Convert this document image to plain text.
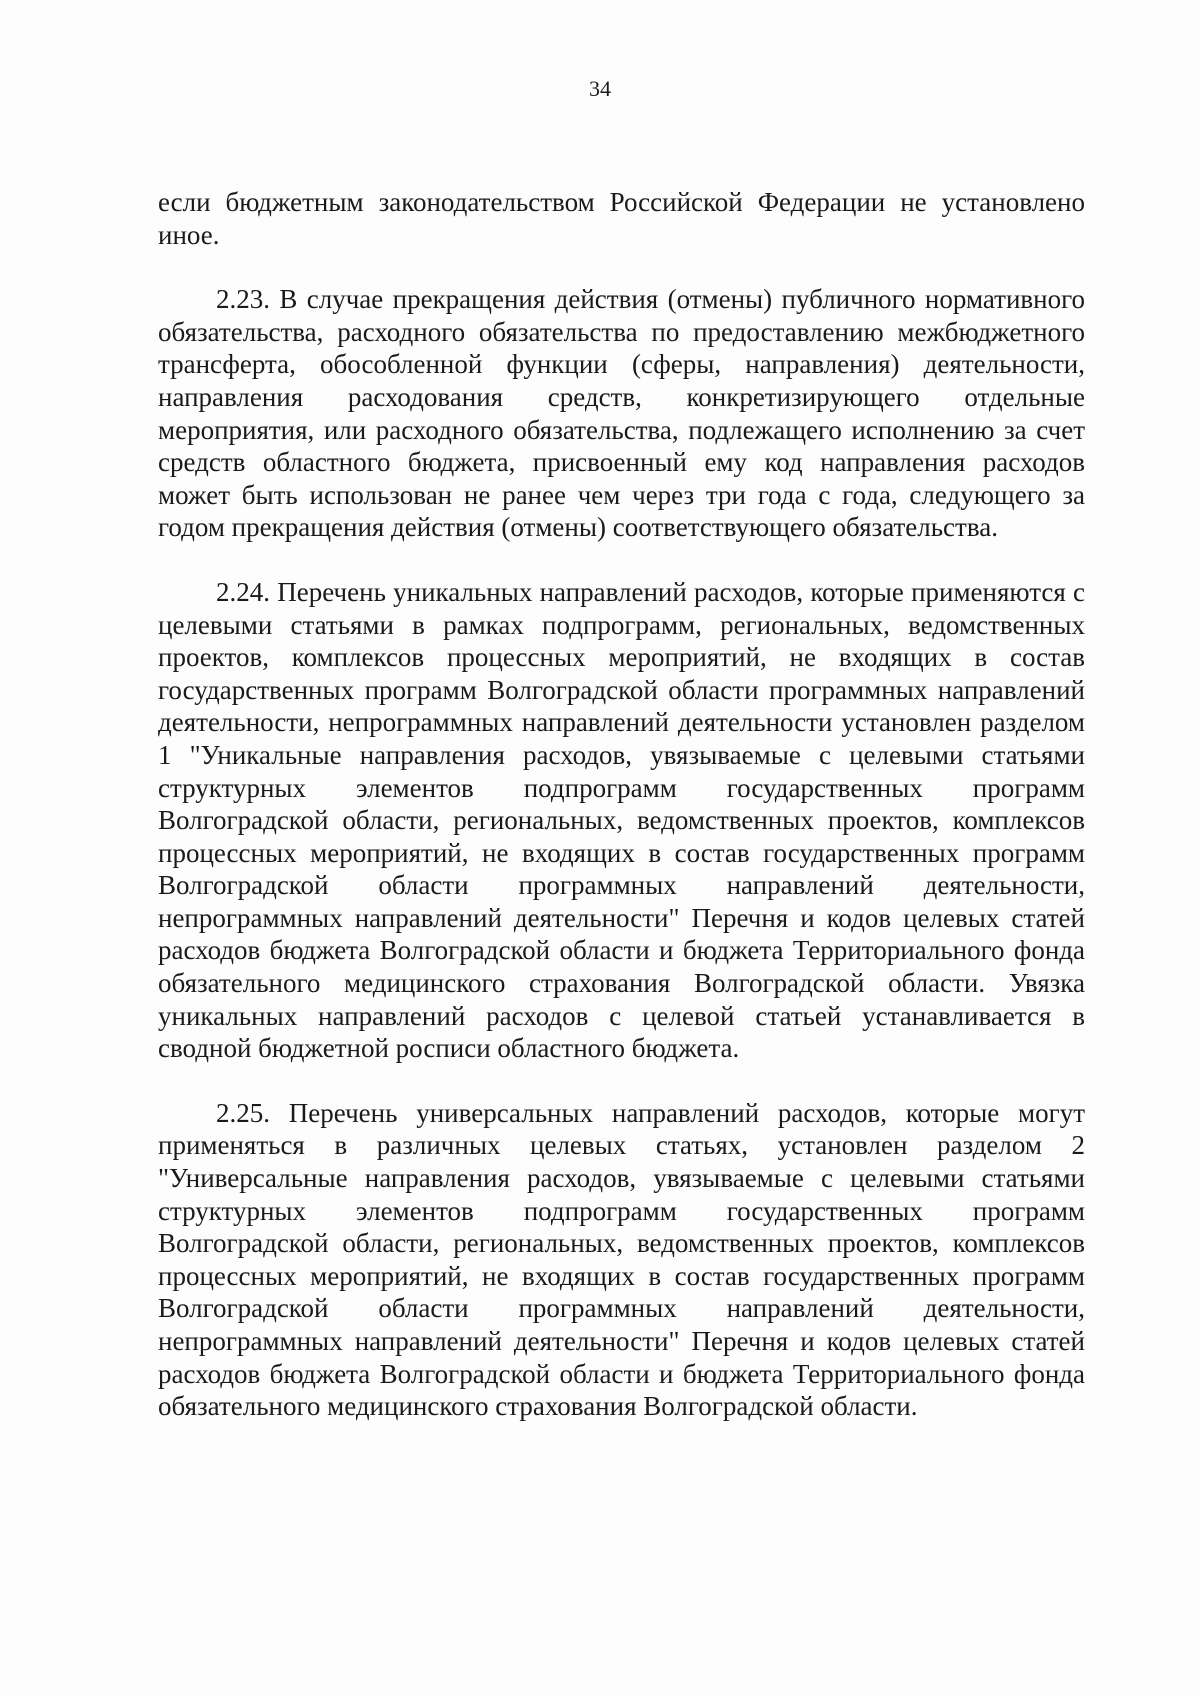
34

если бюджетным законодательством Российской Федерации не установлено иное.

2.23. В случае прекращения действия (отмены) публичного нормативного обязательства, расходного обязательства по предоставлению межбюджетного трансферта, обособленной функции (сферы, направления) деятельности, направления расходования средств, конкретизирующего отдельные мероприятия, или расходного обязательства, подлежащего исполнению за счет средств областного бюджета, присвоенный ему код направления расходов может быть использован не ранее чем через три года с года, следующего за годом прекращения действия (отмены) соответствующего обязательства.

2.24. Перечень уникальных направлений расходов, которые применяются с целевыми статьями в рамках подпрограмм, региональных, ведомственных проектов, комплексов процессных мероприятий, не входящих в состав государственных программ Волгоградской области программных направлений деятельности, непрограммных направлений деятельности установлен разделом 1 "Уникальные направления расходов, увязываемые с целевыми статьями структурных элементов подпрограмм государственных программ Волгоградской области, региональных, ведомственных проектов, комплексов процессных мероприятий, не входящих в состав государственных программ Волгоградской области программных направлений деятельности, непрограммных направлений деятельности" Перечня и кодов целевых статей расходов бюджета Волгоградской области и бюджета Территориального фонда обязательного медицинского страхования Волгоградской области. Увязка уникальных направлений расходов с целевой статьей устанавливается в сводной бюджетной росписи областного бюджета.

2.25. Перечень универсальных направлений расходов, которые могут применяться в различных целевых статьях, установлен разделом 2 "Универсальные направления расходов, увязываемые с целевыми статьями структурных элементов подпрограмм государственных программ Волгоградской области, региональных, ведомственных проектов, комплексов процессных мероприятий, не входящих в состав государственных программ Волгоградской области программных направлений деятельности, непрограммных направлений деятельности" Перечня и кодов целевых статей расходов бюджета Волгоградской области и бюджета Территориального фонда обязательного медицинского страхования Волгоградской области.
